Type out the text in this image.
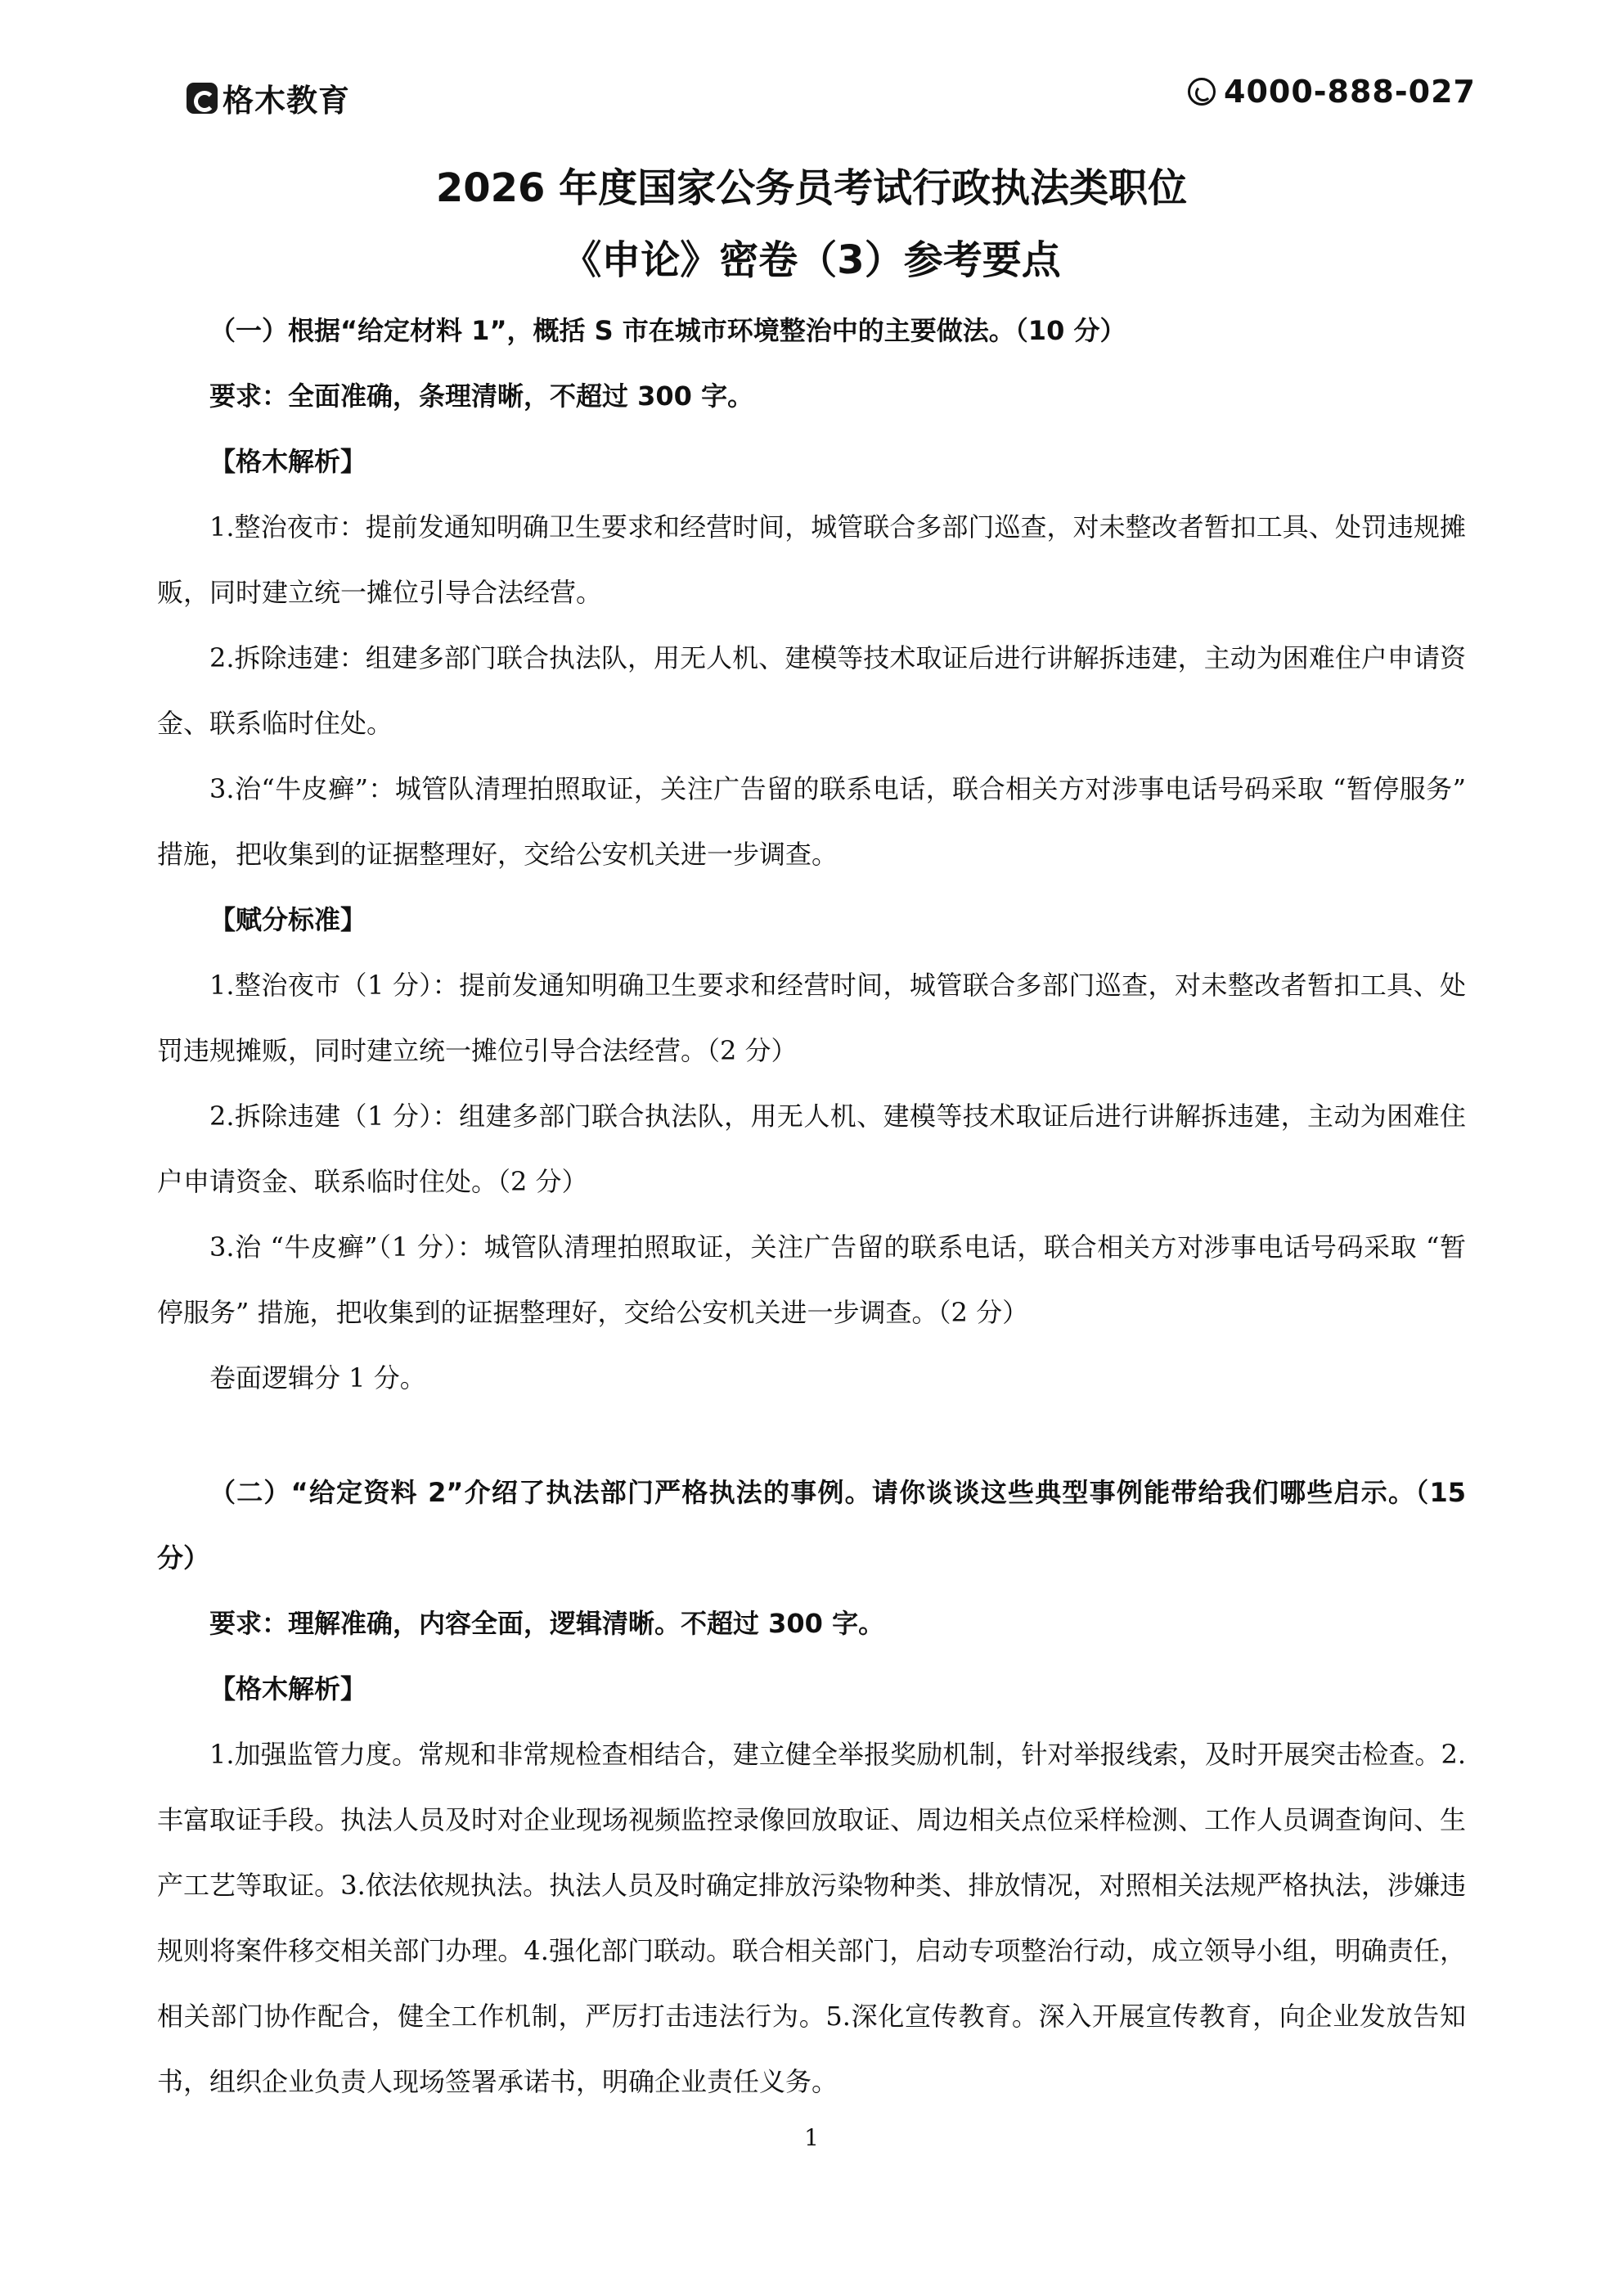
格木教育	4000-888-027
2026 年度国家公务员考试行政执法类职位
《申论》密卷（3）参考要点

（一）根据“给定材料 1”，概括 S 市在城市环境整治中的主要做法。（10 分）

要求：全面准确，条理清晰，不超过 300 字。

【格木解析】

1.整治夜市：提前发通知明确卫生要求和经营时间，城管联合多部门巡查，对未整改者暂扣工具、处罚违规摊贩，同时建立统一摊位引导合法经营。

2.拆除违建：组建多部门联合执法队，用无人机、建模等技术取证后进行讲解拆违建，主动为困难住户申请资金、联系临时住处。

3.治“牛皮癣”：城管队清理拍照取证，关注广告留的联系电话，联合相关方对涉事电话号码采取 “暂停服务” 措施，把收集到的证据整理好，交给公安机关进一步调查。

【赋分标准】

1.整治夜市（1 分）：提前发通知明确卫生要求和经营时间，城管联合多部门巡查，对未整改者暂扣工具、处罚违规摊贩，同时建立统一摊位引导合法经营。（2 分）

2.拆除违建（1 分）：组建多部门联合执法队，用无人机、建模等技术取证后进行讲解拆违建，主动为困难住户申请资金、联系临时住处。（2 分）

3.治 “牛皮癣”（1 分）：城管队清理拍照取证，关注广告留的联系电话，联合相关方对涉事电话号码采取 “暂停服务” 措施，把收集到的证据整理好，交给公安机关进一步调查。（2 分）

卷面逻辑分 1 分。

（二）“给定资料 2”介绍了执法部门严格执法的事例。请你谈谈这些典型事例能带给我们哪些启示。（15 分）

要求：理解准确，内容全面，逻辑清晰。不超过 300 字。

【格木解析】

1.加强监管力度。常规和非常规检查相结合，建立健全举报奖励机制，针对举报线索，及时开展突击检查。2. 丰富取证手段。执法人员及时对企业现场视频监控录像回放取证、周边相关点位采样检测、工作人员调查询问、生产工艺等取证。3.依法依规执法。执法人员及时确定排放污染物种类、排放情况，对照相关法规严格执法，涉嫌违规则将案件移交相关部门办理。4.强化部门联动。联合相关部门，启动专项整治行动，成立领导小组，明确责任，相关部门协作配合，健全工作机制，严厉打击违法行为。5.深化宣传教育。深入开展宣传教育，向企业发放告知书，组织企业负责人现场签署承诺书，明确企业责任义务。

1
